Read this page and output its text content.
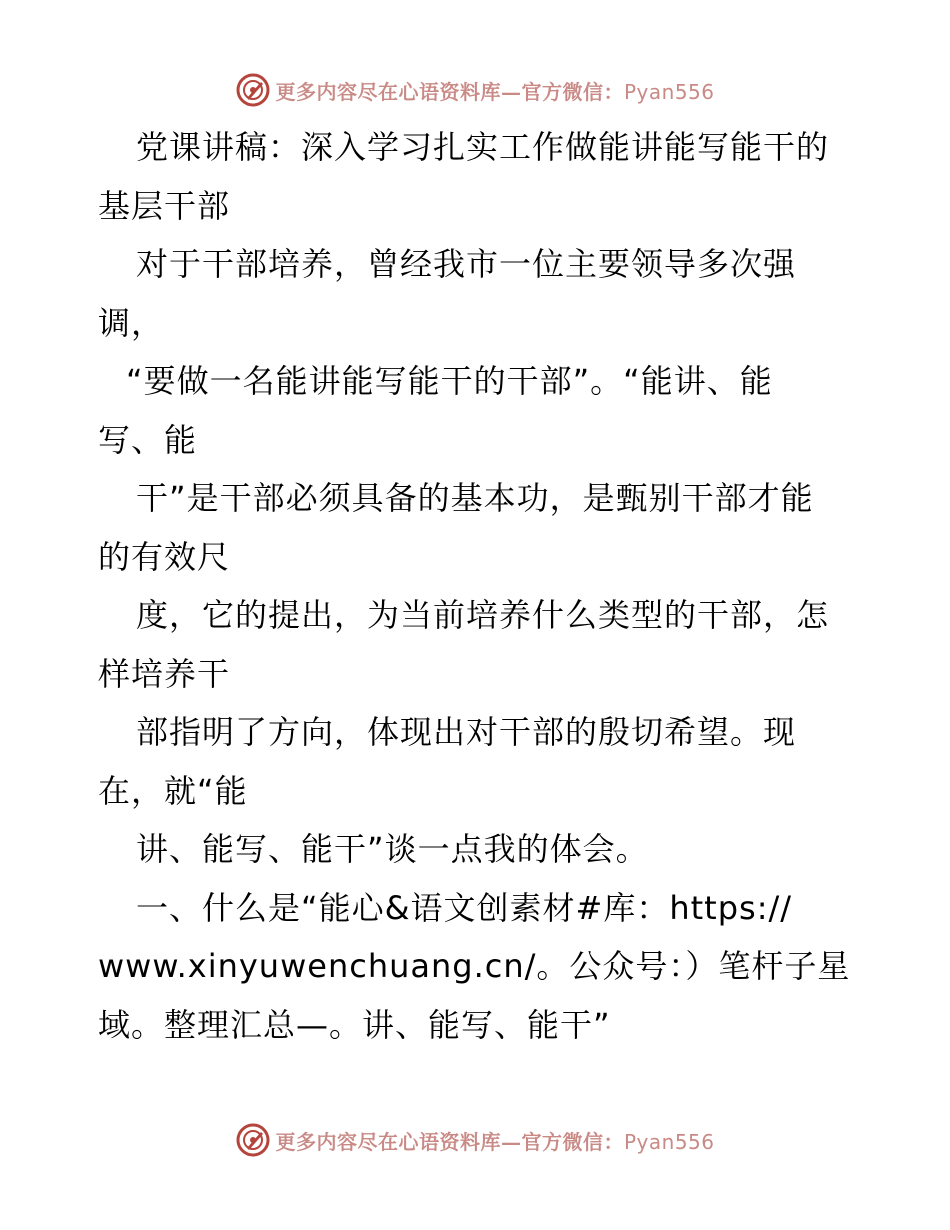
更多内容尽在心语资料库—官方微信：Pyan556
党课讲稿：深入学习扎实工作做能讲能写能干的
基层干部
对于干部培养，曾经我市一位主要领导多次强
调，
“要做一名能讲能写能干的干部”。“能讲、能
写、能
干”是干部必须具备的基本功，是甄别干部才能
的有效尺
度，它的提出，为当前培养什么类型的干部，怎
样培养干
部指明了方向，体现出对干部的殷切希望。现
在，就“能
讲、能写、能干”谈一点我的体会。
一、什么是“能心&语文创素材#库：https://
www.xinyuwenchuang.cn/。公众号：）笔杆子星
域。整理汇总—。讲、能写、能干”
更多内容尽在心语资料库—官方微信：Pyan556
